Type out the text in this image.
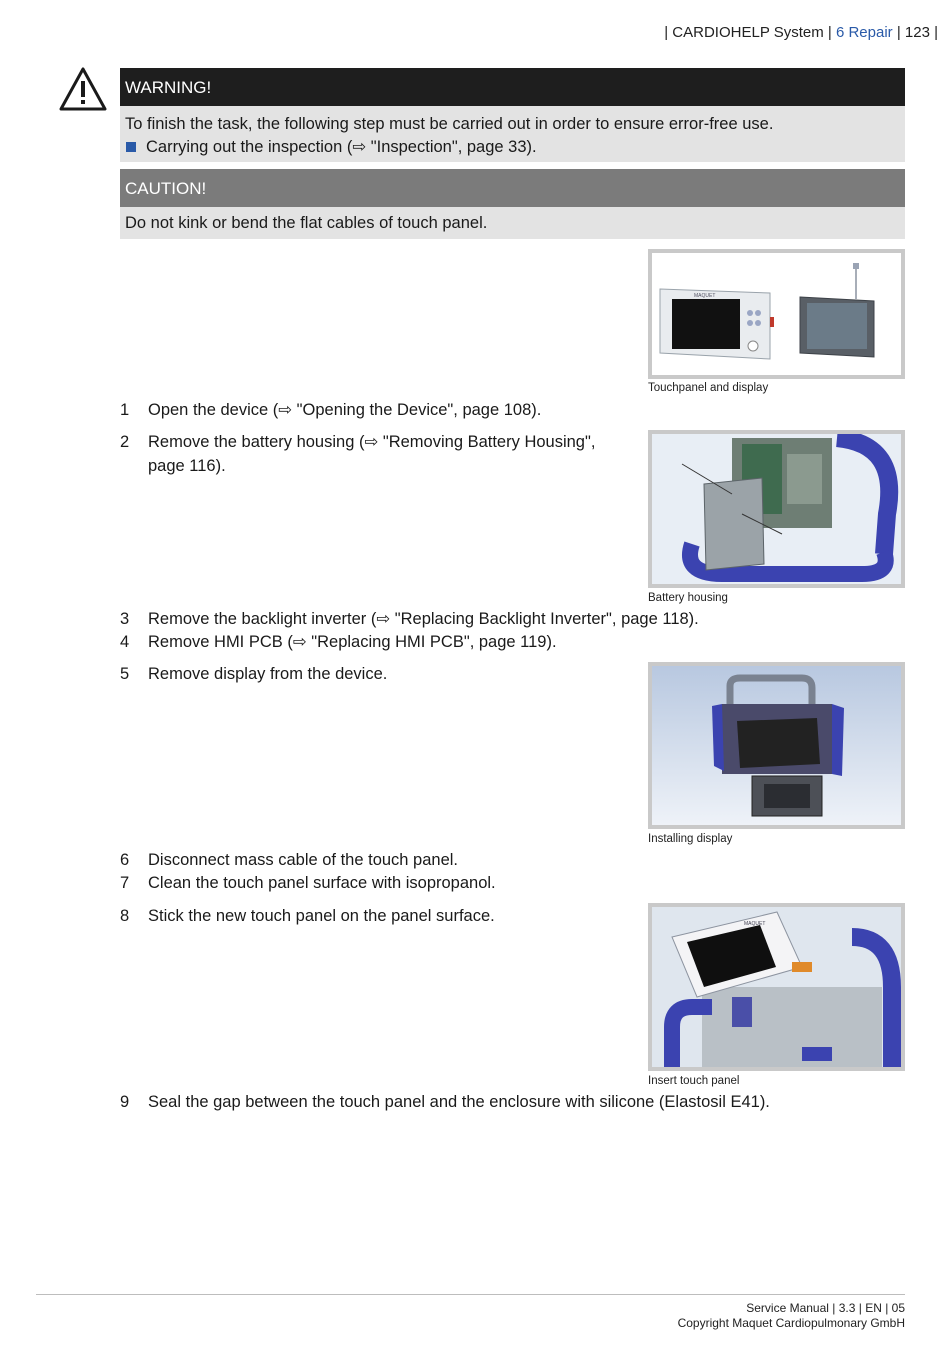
| CARDIOHELP System | 6 Repair | 123 |
WARNING!
To finish the task, the following step must be carried out in order to ensure error-free use.
Carrying out the inspection (⇨ "Inspection", page 33).
CAUTION!
Do not kink or bend the flat cables of touch panel.
MAQUET
Touchpanel and display
1 Open the device (⇨ "Opening the Device", page 108).
2 Remove the battery housing (⇨ "Removing Battery Housing", page 116).
Battery housing
3 Remove the backlight inverter (⇨ "Replacing Backlight Inverter", page 118).
4 Remove HMI PCB (⇨ "Replacing HMI PCB", page 119).
5 Remove display from the device.
Installing display
6 Disconnect mass cable of the touch panel.
7 Clean the touch panel surface with isopropanol.
8 Stick the new touch panel on the panel surface.	MAQUET
Insert touch panel
9 Seal the gap between the touch panel and the enclosure with silicone (Elastosil E41).
Service Manual | 3.3 | EN | 05
Copyright Maquet Cardiopulmonary GmbH
